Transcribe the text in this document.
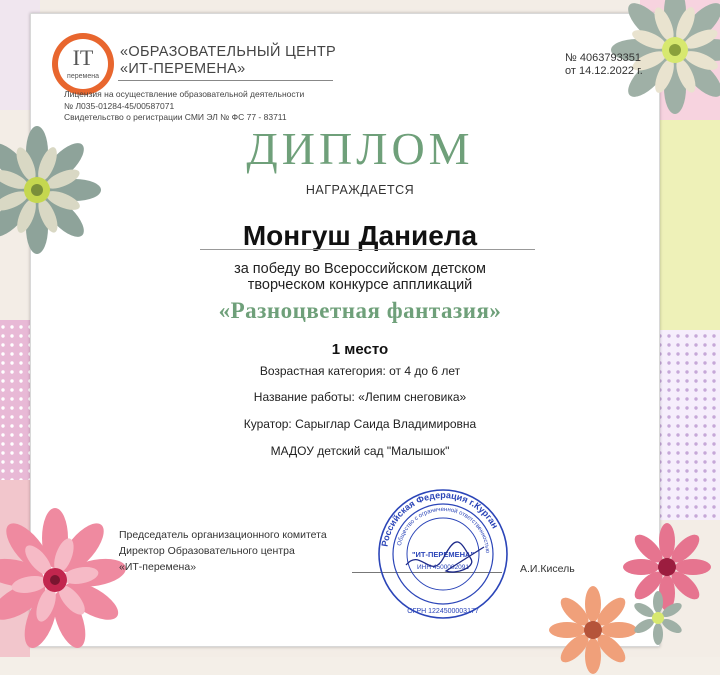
IT
перемена
«ОБРАЗОВАТЕЛЬНЫЙ ЦЕНТР
«ИТ-ПЕРЕМЕНА»
Лицензия на осуществление образовательной деятельности
№ Л035-01284-45/00587071
Свидетельство о регистрации СМИ ЭЛ № ФС 77 - 83711
№ 4063793351
от 14.12.2022 г.
ДИПЛОМ
НАГРАЖДАЕТСЯ
Монгуш Даниела
за победу во Всероссийском детском
творческом конкурсе аппликаций
«Разноцветная фантазия»
1 место
Возрастная категория: от 4 до 6 лет
Название работы: «Лепим снеговика»
Куратор: Сарыглар Саида Владимировна
МАДОУ детский сад "Малышок"
Председатель организационного комитета
Директор Образовательного центра
«ИТ-перемена»	А.И.Кисель
Российская Федерация г.Курган
Общество с ограниченной ответственностью
"ИТ-ПЕРЕМЕНА"
ИНН 4500002091
ОГРН 1224500003177
